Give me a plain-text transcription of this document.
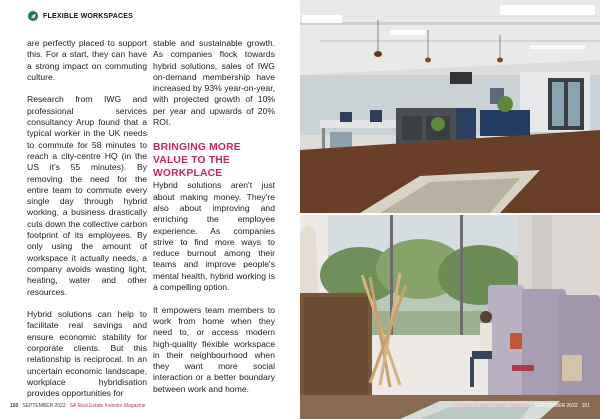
FLEXIBLE WORKSPACES

are perfectly placed to support this. For a start, they can have a strong impact on commuting culture.

Research from IWG and professional services consultancy Arup found that a typical worker in the UK needs to commute for 58 minutes to reach a city-centre HQ (in the US it's 55 minutes). By removing the need for the entire team to commute every single day through hybrid working, a business drastically cuts down the collective carbon footprint of its employees. By only using the amount of workspace it actually needs, a company avoids wasting light, heating, water and other resources.

Hybrid solutions can help to facilitate real savings and ensure economic stability for corporate clients. But this relationship is reciprocal. In an uncertain economic landscape, workplace hybridisation provides opportunities for

stable and sustainable growth. As companies flock towards hybrid solutions, sales of IWG on-demand membership have increased by 93% year-on-year, with projected growth of 10% per year and upwards of 20% ROI.

BRINGING MORE VALUE TO THE WORKPLACE

Hybrid solutions aren't just about making money. They're also about improving and enriching the employee experience. As companies strive to find more ways to reduce burnout among their teams and improve people's mental health, hybrid working is a compelling option.

It empowers team members to work from home when they need to, or access modern high-quality flexible workspace in their neighbourhood when they want more social interaction or a better boundary between work and home.

150 SEPTEMBER 2022 SA Real Estate Investor Magazine	SA Real Estate Investor Magazine SEPTEMBER 2022 151
